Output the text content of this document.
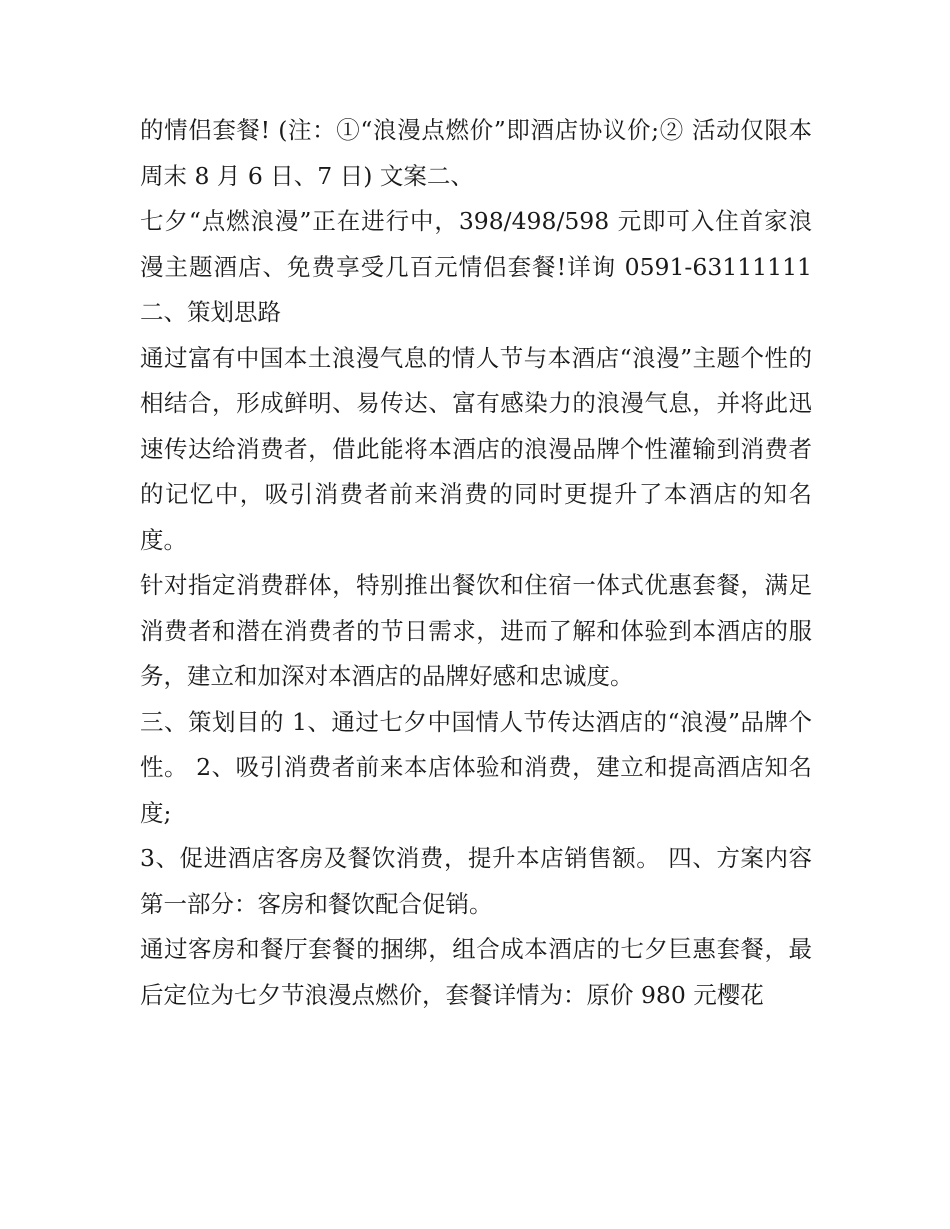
的情侣套餐! (注：①“浪漫点燃价”即酒店协议价;② 活动仅限本周末 8 月 6 日、7 日) 文案二、

七夕“点燃浪漫”正在进行中，398/498/598 元即可入住首家浪漫主题酒店、免费享受几百元情侣套餐!详询 0591-63111111 二、策划思路

通过富有中国本土浪漫气息的情人节与本酒店“浪漫”主题个性的相结合，形成鲜明、易传达、富有感染力的浪漫气息，并将此迅速传达给消费者，借此能将本酒店的浪漫品牌个性灌输到消费者的记忆中，吸引消费者前来消费的同时更提升了本酒店的知名度。

针对指定消费群体，特别推出餐饮和住宿一体式优惠套餐，满足消费者和潜在消费者的节日需求，进而了解和体验到本酒店的服务，建立和加深对本酒店的品牌好感和忠诚度。

三、策划目的 1、通过七夕中国情人节传达酒店的“浪漫”品牌个性。 2、吸引消费者前来本店体验和消费，建立和提高酒店知名度;

3、促进酒店客房及餐饮消费，提升本店销售额。 四、方案内容 第一部分：客房和餐饮配合促销。

通过客房和餐厅套餐的捆绑，组合成本酒店的七夕巨惠套餐，最后定位为七夕节浪漫点燃价，套餐详情为：原价 980 元樱花
